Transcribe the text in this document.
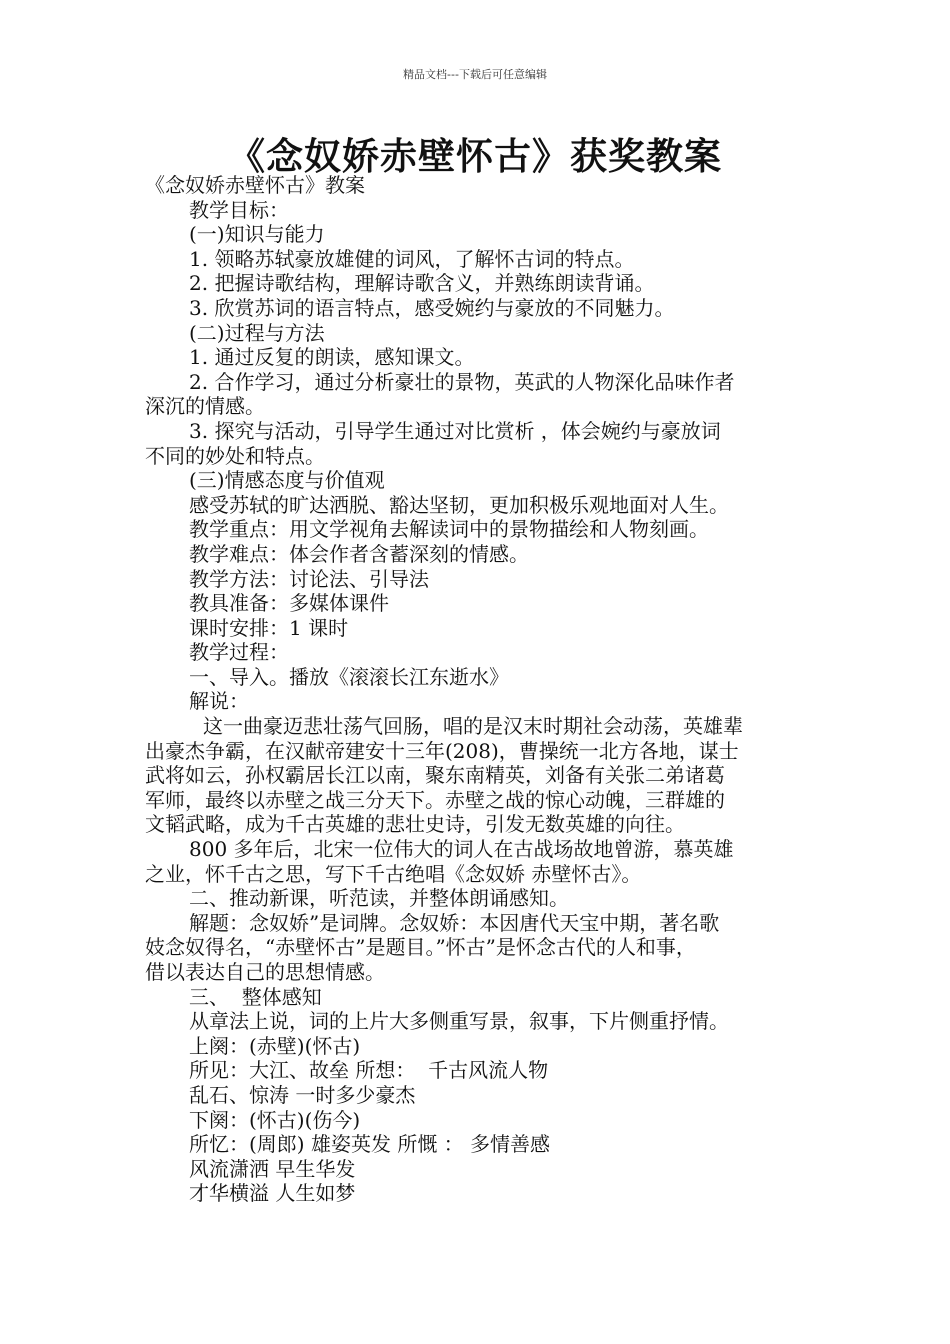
精品文档---下载后可任意编辑
《念奴娇赤壁怀古》获奖教案

《念奴娇赤壁怀古》教案

教学目标：

(一)知识与能力

1. 领略苏轼豪放雄健的词风，了解怀古词的特点。

2. 把握诗歌结构，理解诗歌含义，并熟练朗读背诵。

3. 欣赏苏词的语言特点，感受婉约与豪放的不同魅力。

(二)过程与方法

1. 通过反复的朗读，感知课文。

2. 合作学习，通过分析豪壮的景物，英武的人物深化品味作者

深沉的情感。

3. 探究与活动，引导学生通过对比赏析 ，体会婉约与豪放词

不同的妙处和特点。

(三)情感态度与价值观

感受苏轼的旷达洒脱、豁达坚韧，更加积极乐观地面对人生。

教学重点：用文学视角去解读词中的景物描绘和人物刻画。

教学难点：体会作者含蓄深刻的情感。

教学方法：讨论法、引导法

教具准备：多媒体课件

课时安排：1 课时

教学过程：

一、导入。播放《滚滚长江东逝水》

解说：

这一曲豪迈悲壮荡气回肠，唱的是汉末时期社会动荡，英雄辈

出豪杰争霸，在汉献帝建安十三年(208)，曹操统一北方各地，谋士

武将如云，孙权霸居长江以南，聚东南精英，刘备有关张二弟诸葛

军师，最终以赤壁之战三分天下。赤壁之战的惊心动魄，三群雄的

文韬武略，成为千古英雄的悲壮史诗，引发无数英雄的向往。

800 多年后，北宋一位伟大的词人在古战场故地曾游，慕英雄

之业，怀千古之思，写下千古绝唱《念奴娇 赤壁怀古》。

二、推动新课，听范读，并整体朗诵感知。

解题：念奴娇”是词牌。念奴娇：本因唐代天宝中期，著名歌

妓念奴得名，“赤壁怀古”是题目。”怀古”是怀念古代的人和事，

借以表达自己的思想情感。

三、  整体感知

从章法上说，词的上片大多侧重写景，叙事，下片侧重抒情。

上阕：(赤壁)(怀古)

所见：大江、故垒 所想：  千古风流人物

乱石、惊涛 一时多少豪杰

下阕：(怀古)(伤今)

所忆：(周郎) 雄姿英发 所慨 ： 多情善感

风流潇洒 早生华发

才华横溢 人生如梦
